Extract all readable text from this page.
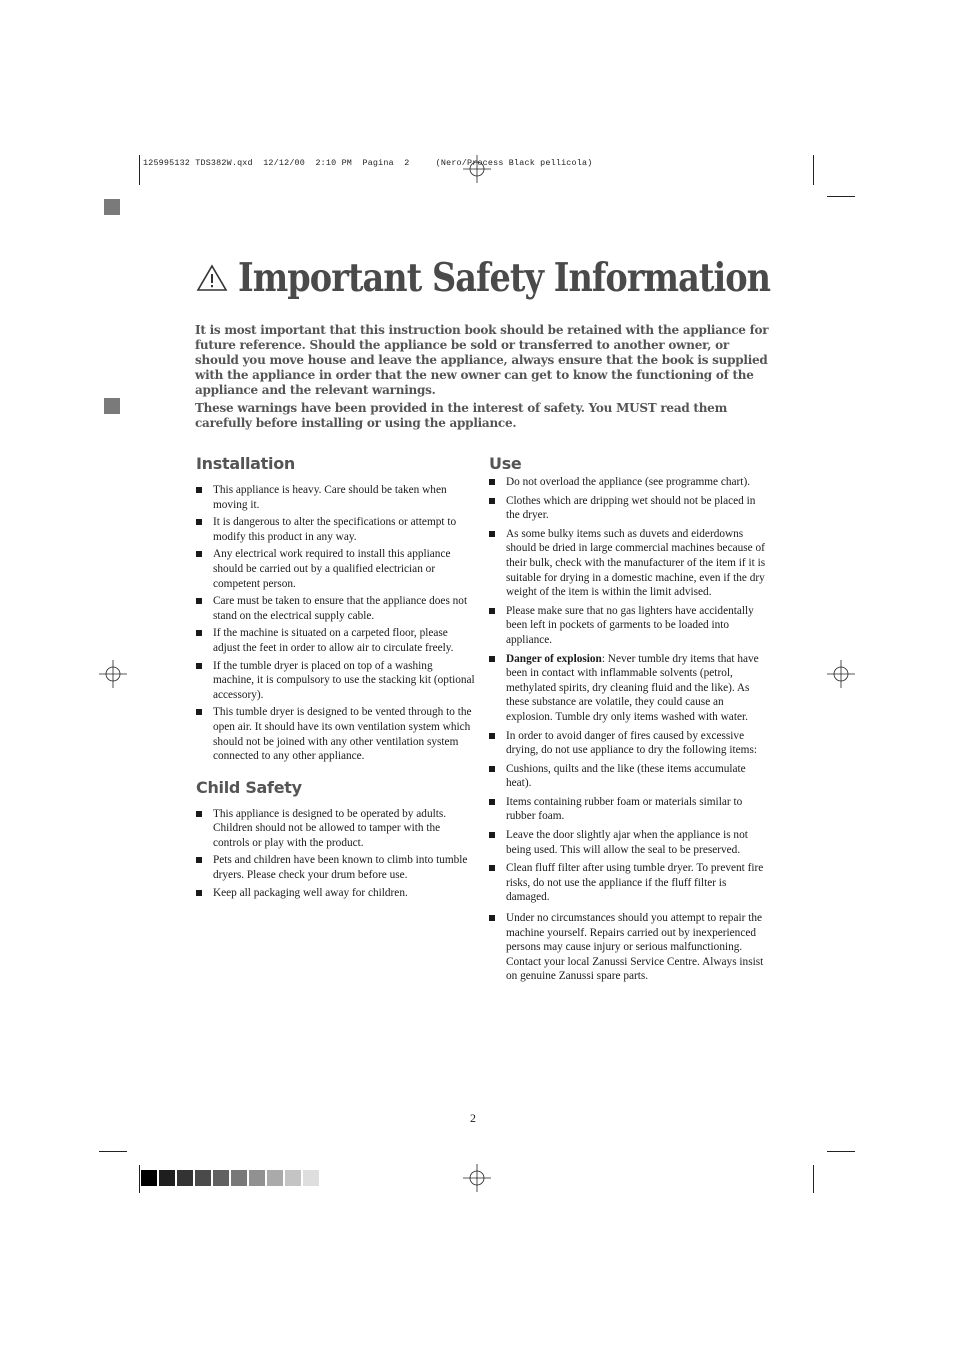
125995132 TDS382W.qxd  12/12/00  2:10 PM  Pagina  2     (Nero/Process Black pellicola)
Important Safety Information

It is most important that this instruction book should be retained with the appliance for future reference. Should the appliance be sold or transferred to another owner, or should you move house and leave the appliance, always ensure that the book is supplied with the appliance in order that the new owner can get to know the functioning of the appliance and the relevant warnings.

These warnings have been provided in the interest of safety. You MUST read them carefully before installing or using the appliance.

Installation
This appliance is heavy. Care should be taken when moving it.
It is dangerous to alter the specifications or attempt to modify this product in any way.
Any electrical work required to install this appliance should be carried out by a qualified electrician or competent person.
Care must be taken to ensure that the appliance does not stand on the electrical supply cable.
If the machine is situated on a carpeted floor, please adjust the feet in order to allow air to circulate freely.
If the tumble dryer is placed on top of a washing machine, it is compulsory to use the stacking kit (optional accessory).
This tumble dryer is designed to be vented through to the open air. It should have its own ventilation system which should not be joined with any other ventilation system connected to any other appliance.
Child Safety
This appliance is designed to be operated by adults. Children should not be allowed to tamper with the controls or play with the product.
Pets and children have been known to climb into tumble dryers. Please check your drum before use.
Keep all packaging well away for children.
Use
Do not overload the appliance (see programme chart).
Clothes which are dripping wet should not be placed in the dryer.
As some bulky items such as duvets and eiderdowns should be dried in large commercial machines because of their bulk, check with the manufacturer of the item if it is suitable for drying in a domestic machine, even if the dry weight of the item is within the limit advised.
Please make sure that no gas lighters have accidentally been left in pockets of garments to be loaded into appliance.
Danger of explosion: Never tumble dry items that have been in contact with inflammable solvents (petrol, methylated spirits, dry cleaning fluid and the like). As these substance are volatile, they could cause an explosion. Tumble dry only items washed with water.
In order to avoid danger of fires caused by excessive drying, do not use appliance to dry the following items:
Cushions, quilts and the like (these items accumulate heat).
Items containing rubber foam or materials similar to rubber foam.
Leave the door slightly ajar when the appliance is not being used. This will allow the seal to be preserved.
Clean fluff filter after using tumble dryer. To prevent fire risks, do not use the appliance if the fluff filter is damaged.
Under no circumstances should you attempt to repair the machine yourself. Repairs carried out by inexperienced persons may cause injury or serious malfunctioning. Contact your local Zanussi Service Centre. Always insist on genuine Zanussi spare parts.
2
